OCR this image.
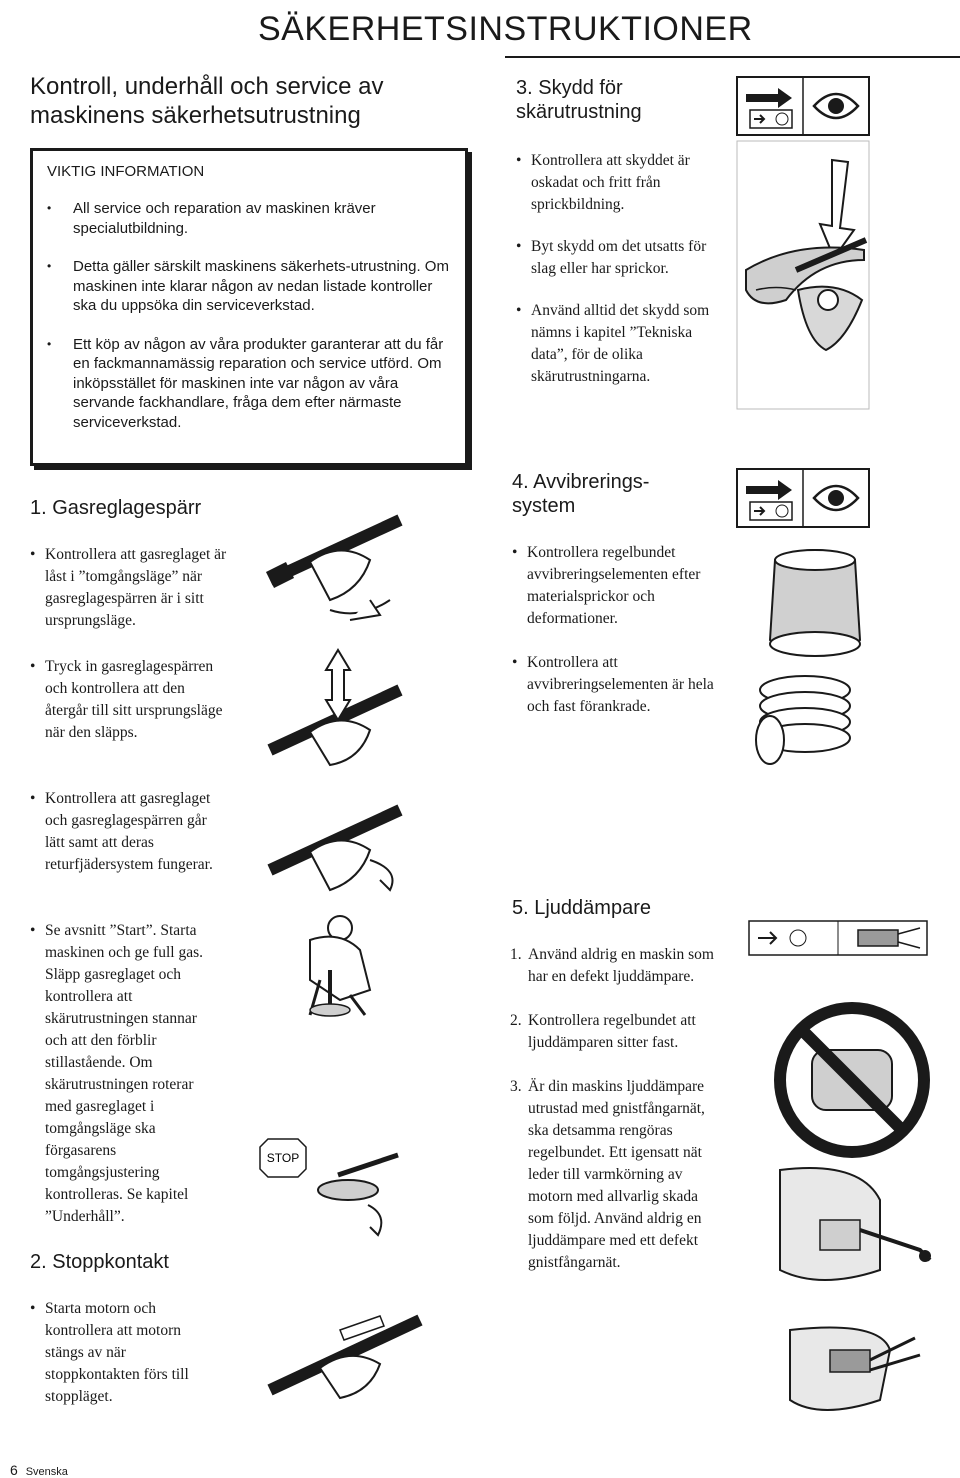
SÄKERHETSINSTRUKTIONER
Kontroll, underhåll och service av
maskinens säkerhetsutrustning
VIKTIG INFORMATION
• All service och reparation av maskinen kräver specialutbildning.
• Detta gäller särskilt maskinens säkerhets-utrustning. Om maskinen inte klarar någon av nedan listade kontroller ska du uppsöka din serviceverkstad.
• Ett köp av någon av våra produkter garanterar att du får en fackmannamässig reparation och service utförd. Om inköpsstället för maskinen inte var någon av våra servande fackhandlare, fråga dem efter närmaste serviceverkstad.
1. Gasreglagespärr
• Kontrollera att gasreglaget är låst i ”tomgångsläge” när gasreglagespärren är i sitt ursprungsläge.
• Tryck in gasreglagespärren och kontrollera att den återgår till sitt ursprungsläge när den släpps.
• Kontrollera att gasreglaget och gasreglagespärren går lätt samt att deras returfjädersystem fungerar.
• Se avsnitt ”Start”. Starta maskinen och ge full gas. Släpp gasreglaget och kontrollera att skärutrustningen stannar och att den förblir stillastående. Om skärutrustningen roterar med gasreglaget i tomgångsläge ska förgasarens tomgångsjustering kontrolleras. Se kapitel ”Underhåll”.
2. Stoppkontakt
• Starta motorn och kontrollera att motorn stängs av när stoppkontakten förs till stoppläget.
3. Skydd för
skärutrustning
• Kontrollera att skyddet är oskadat och fritt från sprickbildning.
• Byt skydd om det utsatts för slag eller har sprickor.
• Använd alltid det skydd som nämns i kapitel ”Tekniska data”, för de olika skärutrustningarna.
4. Avvibrerings-
system
• Kontrollera regelbundet avvibreringselementen efter materialsprickor och deformationer.
• Kontrollera att avvibreringselementen är hela och fast förankrade.
5. Ljuddämpare
1. Använd aldrig en maskin som har en defekt ljuddämpare.
2. Kontrollera regelbundet att ljuddämparen sitter fast.
3. Är din maskins ljuddämpare utrustad med gnistfångarnät, ska detsamma rengöras regelbundet. Ett igensatt nät leder till varmkörning av motorn med allvarlig skada som följd. Använd aldrig en ljuddämpare med ett defekt gnistfångarnät.
STOP
6 Svenska
